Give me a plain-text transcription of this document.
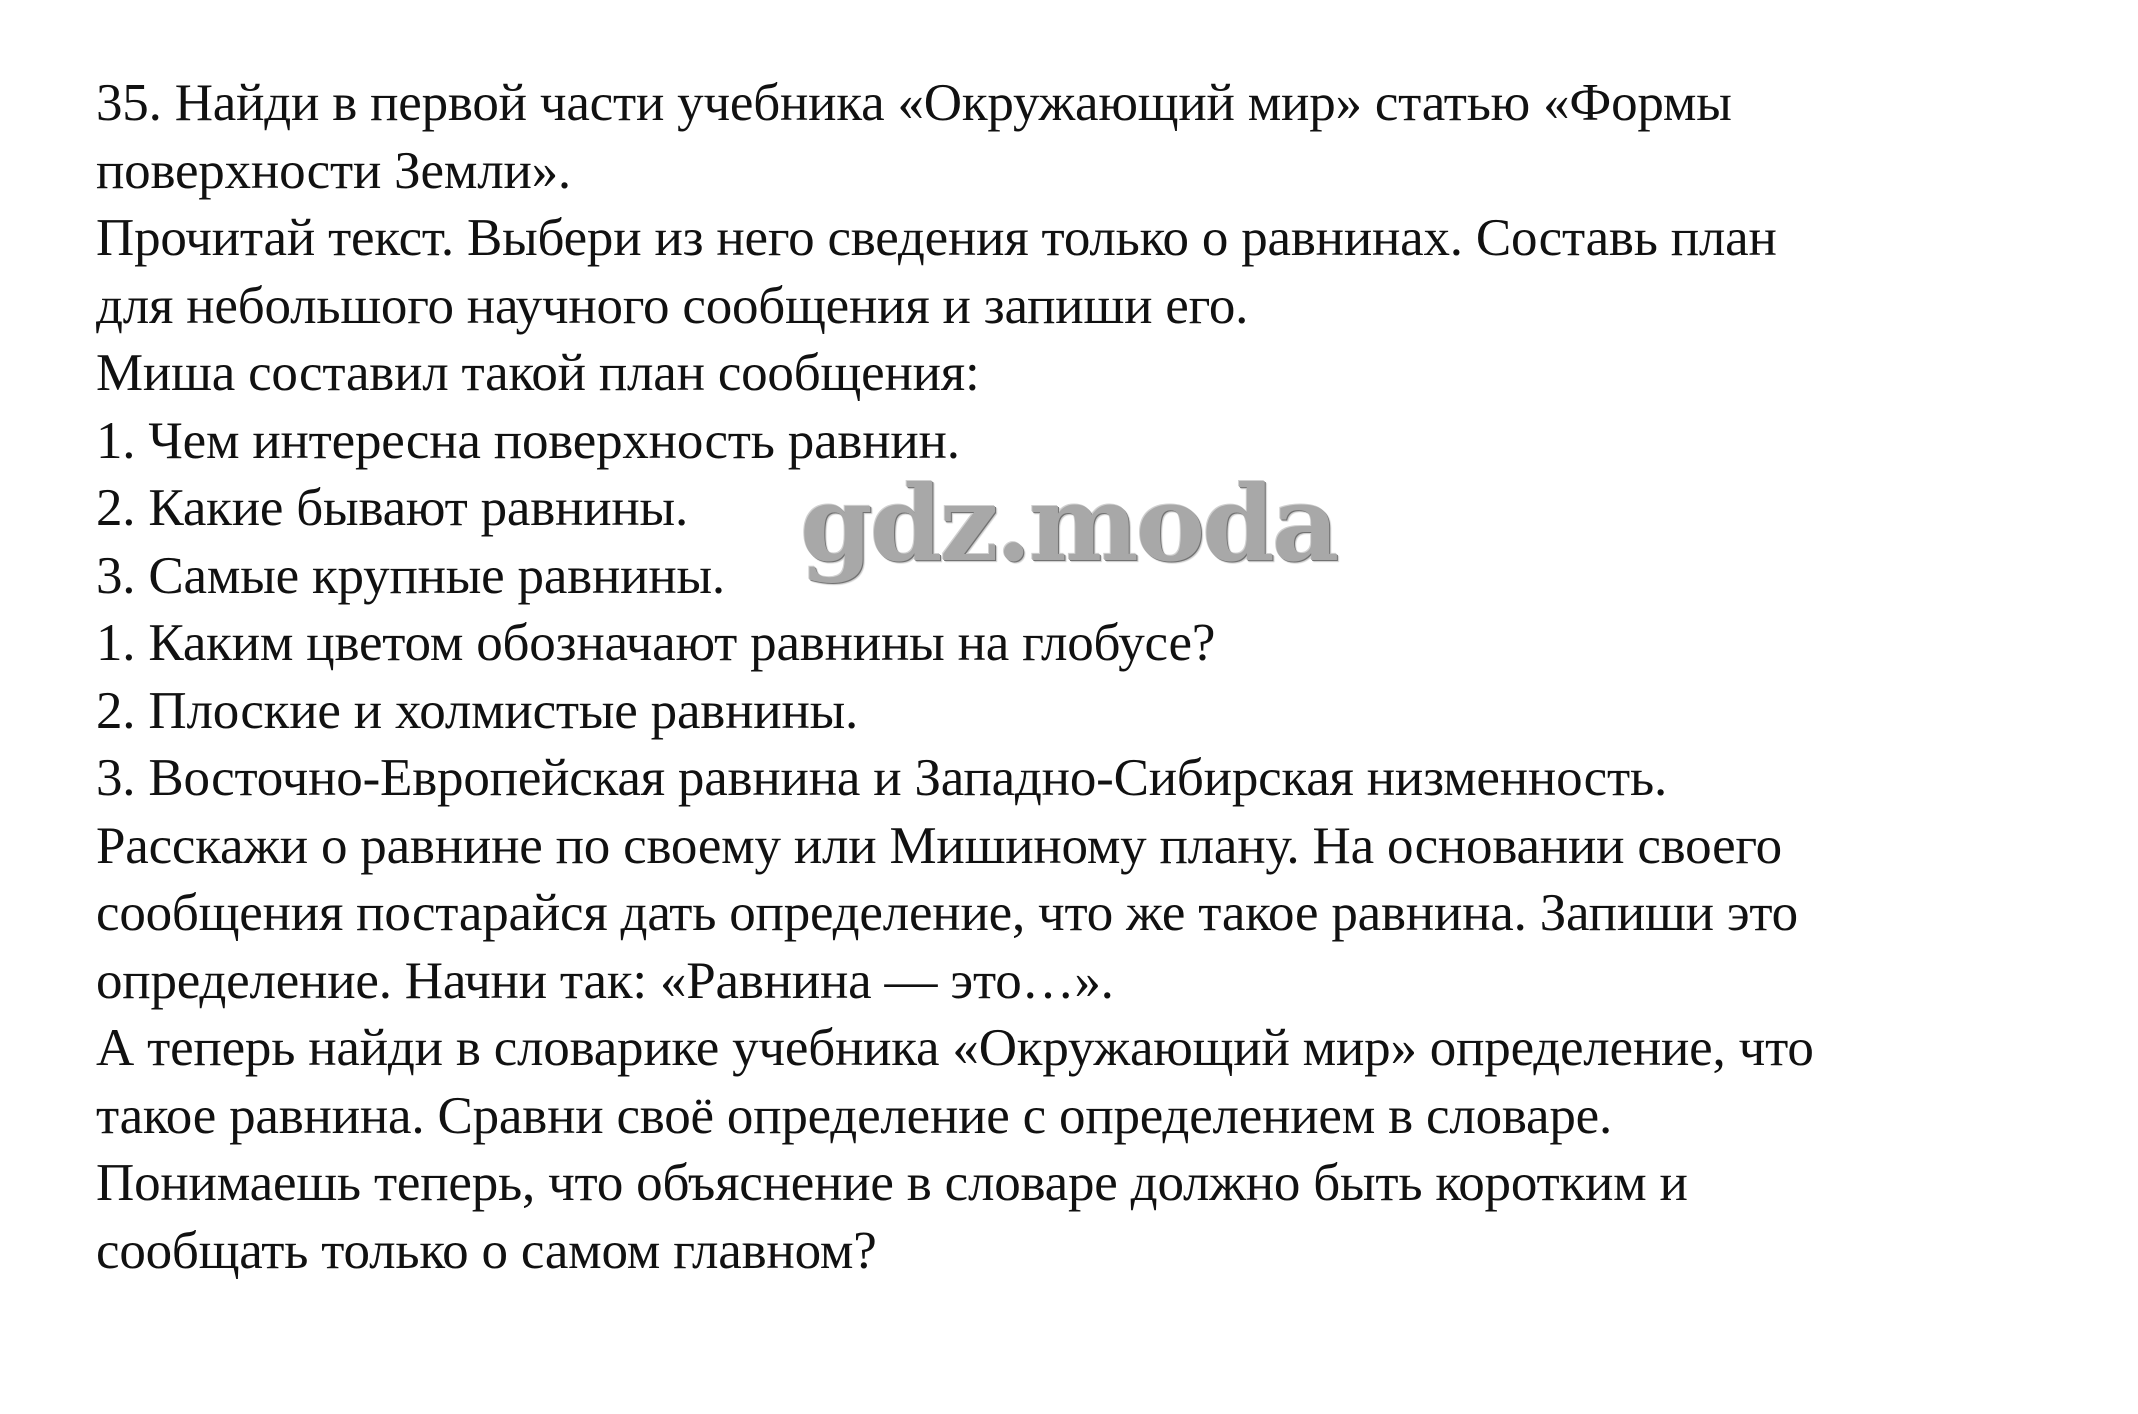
35. Найди в первой части учебника «Окружающий мир» статью «Формы
поверхности Земли».
Прочитай текст. Выбери из него сведения только о равнинах. Составь план
для небольшого научного сообщения и запиши его.
Миша составил такой план сообщения:
1. Чем интересна поверхность равнин.
2. Какие бывают равнины.
3. Самые крупные равнины.
1. Каким цветом обозначают равнины на глобусе?
2. Плоские и холмистые равнины.
3. Восточно-Европейская равнина и Западно-Сибирская низменность.
Расскажи о равнине по своему или Мишиному плану. На основании своего
сообщения постарайся дать определение, что же такое равнина. Запиши это
определение. Начни так: «Равнина — это…».
А теперь найди в словарике учебника «Окружающий мир» определение, что
такое равнина. Сравни своё определение с определением в словаре.
Понимаешь теперь, что объяснение в словаре должно быть коротким и
сообщать только о самом главном?
gdz.moda
